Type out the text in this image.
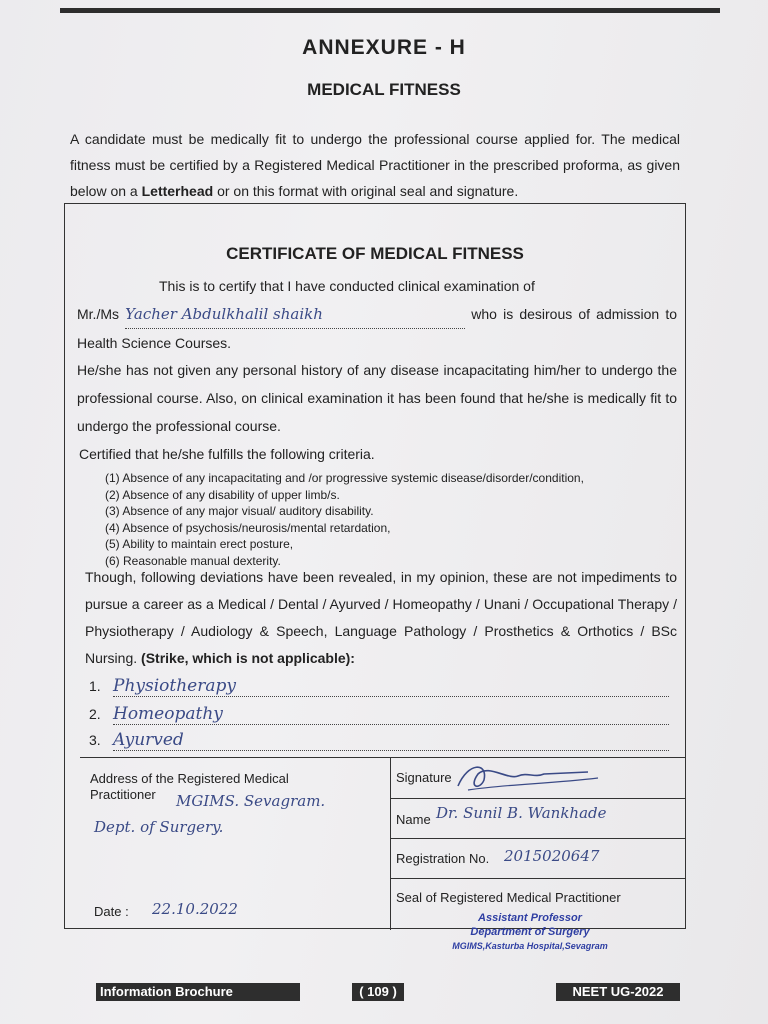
ANNEXURE - H
MEDICAL FITNESS
A candidate must be medically fit to undergo the professional course applied for. The medical fitness must be certified by a Registered Medical Practitioner in the prescribed proforma, as given below on a Letterhead or on this format with original seal and signature.
CERTIFICATE OF MEDICAL FITNESS
This is to certify that I have conducted clinical examination of
Mr./Ms Yacher Abdulkhalil shaikh	who is desirous of admission to Health Science Courses.
He/she has not given any personal history of any disease incapacitating him/her to undergo the professional course. Also, on clinical examination it has been found that he/she is medically fit to undergo the professional course.
Certified that he/she fulfills the following criteria.
(1) Absence of any incapacitating and /or progressive systemic disease/disorder/condition,
(2) Absence of any disability of upper limb/s.
(3) Absence of any major visual/ auditory disability.
(4) Absence of psychosis/neurosis/mental retardation,
(5) Ability to maintain erect posture,
(6) Reasonable manual dexterity.
Though, following deviations have been revealed, in my opinion, these are not impediments to pursue a career as a Medical / Dental / Ayurved / Homeopathy / Unani / Occupational Therapy / Physiotherapy / Audiology & Speech, Language Pathology / Prosthetics & Orthotics / BSc Nursing. (Strike, which is not applicable):
1. Physiotherapy
2. Homeopathy
3. Ayurved
Address of the Registered Medical Practitioner	MGIMS. Sevagram.
Dept. of Surgery.
Date : 22.10.2022
Signature
Name Dr. Sunil B. Wankhade
Registration No. 2015020647
Seal of Registered Medical Practitioner
Assistant Professor
Department of Surgery
MGIMS,Kasturba Hospital,Sevagram
Information Brochure	( 109 )	NEET UG-2022
